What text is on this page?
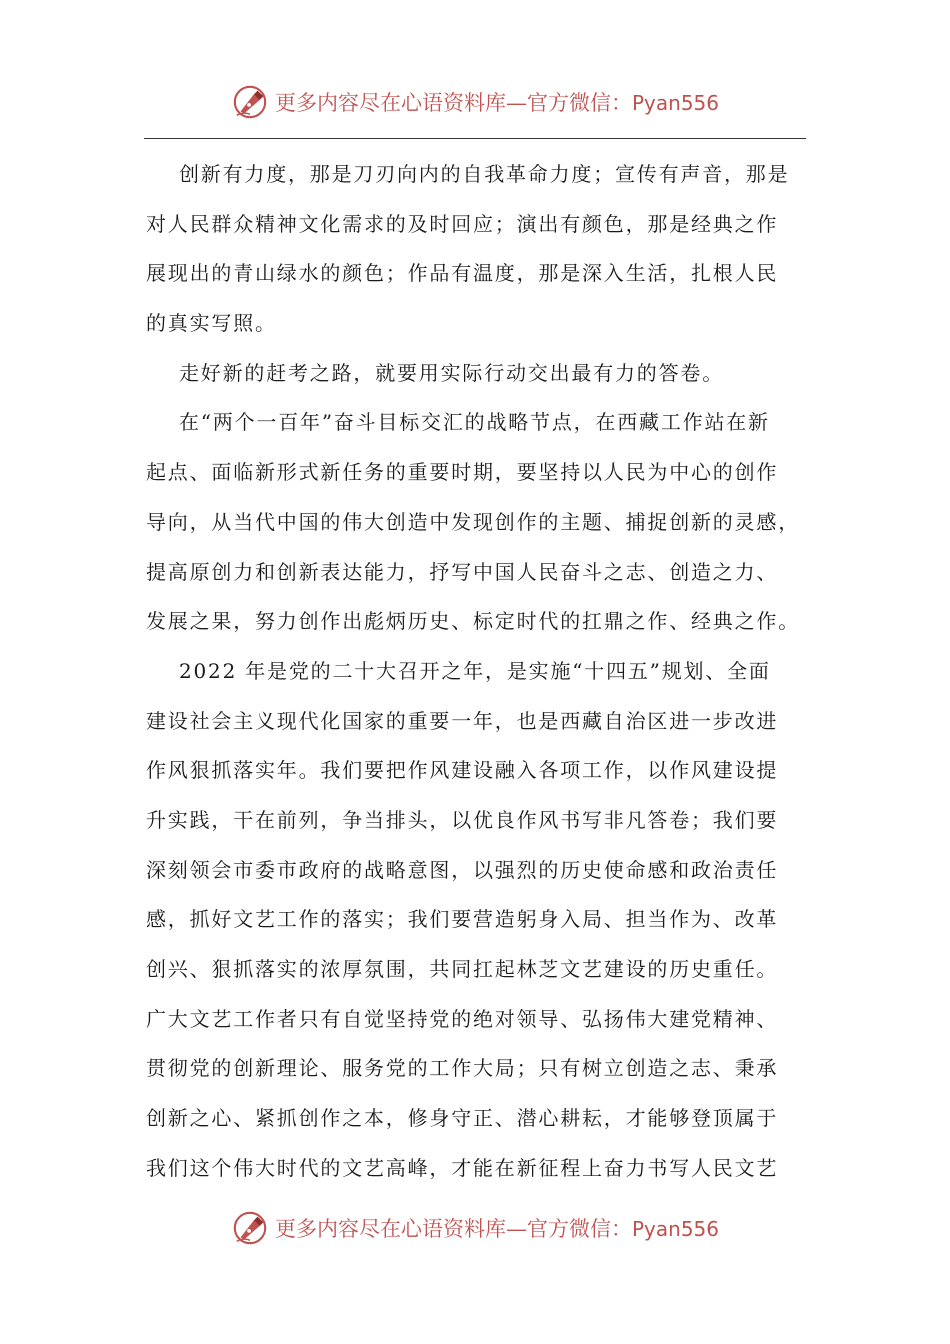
更多内容尽在心语资料库—官方微信：Pyan556
创新有力度，那是刀刃向内的自我革命力度；宣传有声音，那是
对人民群众精神文化需求的及时回应；演出有颜色，那是经典之作
展现出的青山绿水的颜色；作品有温度，那是深入生活，扎根人民
的真实写照。
走好新的赶考之路，就要用实际行动交出最有力的答卷。
在“两个一百年”奋斗目标交汇的战略节点，在西藏工作站在新
起点、面临新形式新任务的重要时期，要坚持以人民为中心的创作
导向，从当代中国的伟大创造中发现创作的主题、捕捉创新的灵感，
提高原创力和创新表达能力，抒写中国人民奋斗之志、创造之力、
发展之果，努力创作出彪炳历史、标定时代的扛鼎之作、经典之作。
2022 年是党的二十大召开之年，是实施“十四五”规划、全面
建设社会主义现代化国家的重要一年，也是西藏自治区进一步改进
作风狠抓落实年。我们要把作风建设融入各项工作，以作风建设提
升实践，干在前列，争当排头，以优良作风书写非凡答卷；我们要
深刻领会市委市政府的战略意图，以强烈的历史使命感和政治责任
感，抓好文艺工作的落实；我们要营造躬身入局、担当作为、改革
创兴、狠抓落实的浓厚氛围，共同扛起林芝文艺建设的历史重任。
广大文艺工作者只有自觉坚持党的绝对领导、弘扬伟大建党精神、
贯彻党的创新理论、服务党的工作大局；只有树立创造之志、秉承
创新之心、紧抓创作之本，修身守正、潜心耕耘，才能够登顶属于
我们这个伟大时代的文艺高峰，才能在新征程上奋力书写人民文艺
更多内容尽在心语资料库—官方微信：Pyan556
